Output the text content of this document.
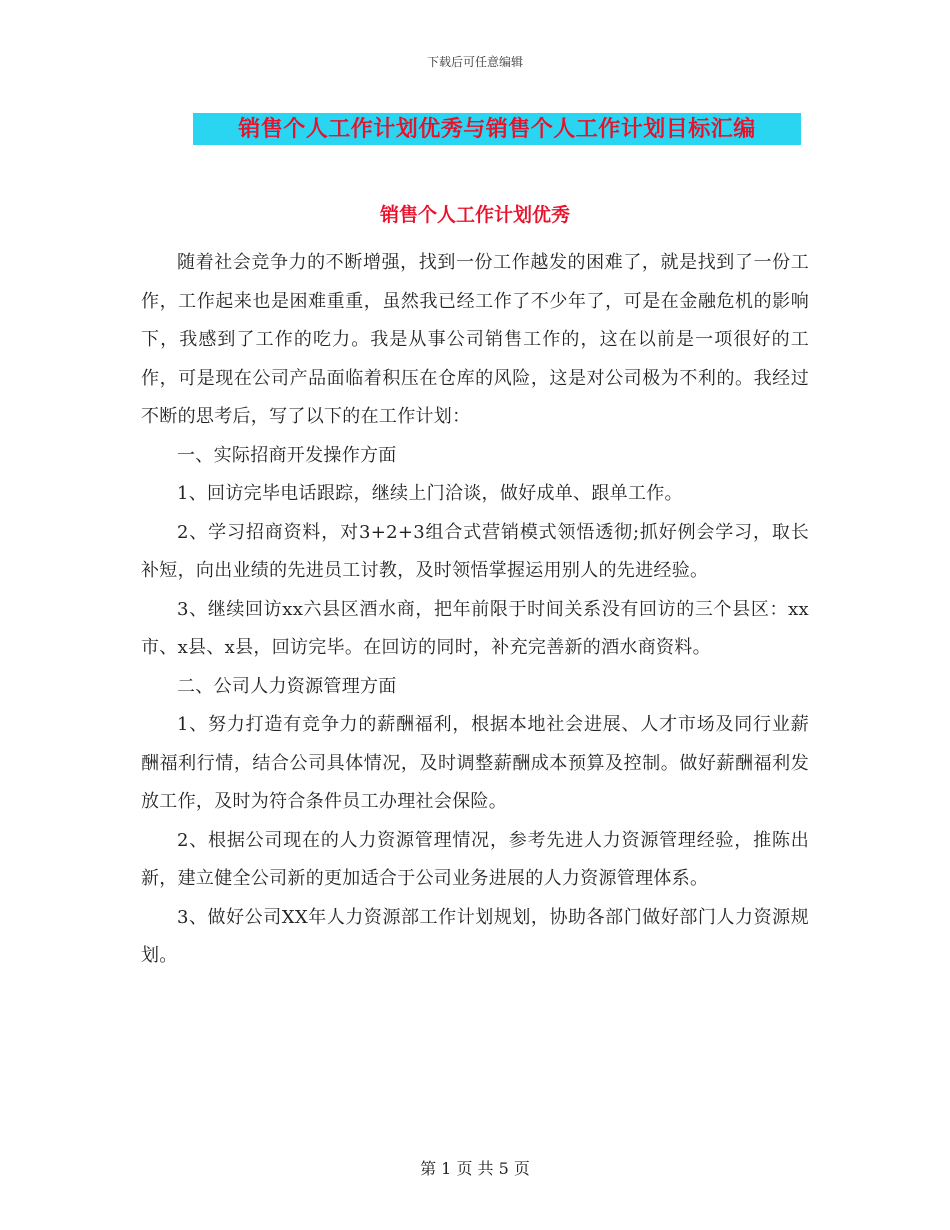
下载后可任意编辑
销售个人工作计划优秀与销售个人工作计划目标汇编
销售个人工作计划优秀

随着社会竞争力的不断增强，找到一份工作越发的困难了，就是找到了一份工作，工作起来也是困难重重，虽然我已经工作了不少年了，可是在金融危机的影响下，我感到了工作的吃力。我是从事公司销售工作的，这在以前是一项很好的工作，可是现在公司产品面临着积压在仓库的风险，这是对公司极为不利的。我经过不断的思考后，写了以下的在工作计划：

一、实际招商开发操作方面

1、回访完毕电话跟踪，继续上门洽谈，做好成单、跟单工作。

2、学习招商资料，对3+2+3组合式营销模式领悟透彻;抓好例会学习，取长补短，向出业绩的先进员工讨教，及时领悟掌握运用别人的先进经验。

3、继续回访xx六县区酒水商，把年前限于时间关系没有回访的三个县区：xx市、x县、x县，回访完毕。在回访的同时，补充完善新的酒水商资料。

二、公司人力资源管理方面

1、努力打造有竞争力的薪酬福利，根据本地社会进展、人才市场及同行业薪酬福利行情，结合公司具体情况，及时调整薪酬成本预算及控制。做好薪酬福利发放工作，及时为符合条件员工办理社会保险。

2、根据公司现在的人力资源管理情况，参考先进人力资源管理经验，推陈出新，建立健全公司新的更加适合于公司业务进展的人力资源管理体系。

3、做好公司XX年人力资源部工作计划规划，协助各部门做好部门人力资源规划。

第 1 页 共 5 页
